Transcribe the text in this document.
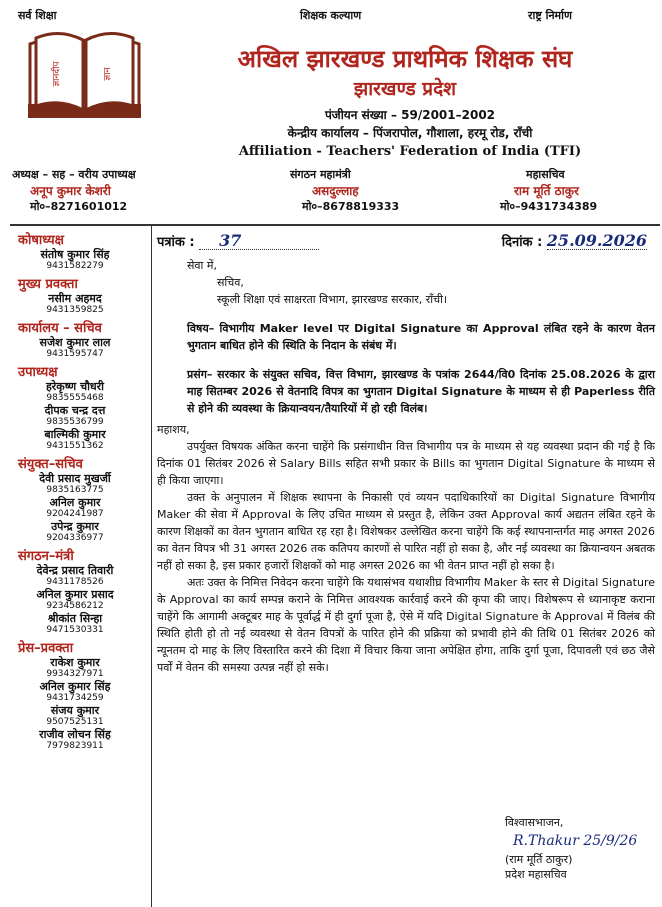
सर्व शिक्षा	शिक्षक कल्याण	राष्ट्र निर्माण
ज्ञानदीप	ज्ञान
अखिल झारखण्ड प्राथमिक शिक्षक संघ
झारखण्ड प्रदेश
पंजीयन संख्या – 59/2001–2002
केन्द्रीय कार्यालय – पिंजरापोल, गौशाला, हरमू रोड, राँची
Affiliation - Teachers' Federation of India (TFI)
अध्यक्ष – सह – वरीय उपाध्यक्ष
अनूप कुमार केशरी
मो०–8271601012
संगठन महामंत्री
असदुल्लाह
मो०–8678819333
महासचिव
राम मूर्ति ठाकुर
मो०–9431734389
कोषाध्यक्ष
संतोष कुमार सिंह
9431582279
मुख्य प्रवक्ता
नसीम अहमद
9431359825
कार्यालय – सचिव
सजेश कुमार लाल
9431595747
उपाध्यक्ष
हरेकृष्ण चौधरी
9835555468
दीपक चन्द्र दत्त
9835536799
बाल्मिकी कुमार
9431551362
संयुक्त–सचिव
देवी प्रसाद मुखर्जी
9835163775
अनिल कुमार
9204241987
उपेन्द्र कुमार
9204336977
संगठन–मंत्री
देवेन्द्र प्रसाद तिवारी
9431178526
अनिल कुमार प्रसाद
9234586212
श्रीकांत सिन्हा
9471530331
प्रेस–प्रवक्ता
राकेश कुमार
9934327971
अनिल कुमार सिंह
9431734259
संजय कुमार
9507525131
राजीव लोचन सिंह
7979823911
पत्रांक : 37	दिनांक : 25.09.2026
सेवा में,
सचिव,
स्कूली शिक्षा एवं साक्षरता विभाग, झारखण्ड सरकार, राँची।

विषय– विभागीय Maker level पर Digital Signature का Approval लंबित रहने के कारण वेतन भुगतान बाधित होने की स्थिति के निदान के संबंध में।

प्रसंग– सरकार के संयुक्त सचिव, वित्त विभाग, झारखण्ड के पत्रांक 2644/वि0 दिनांक 25.08.2026 के द्वारा माह सितम्बर 2026 से वेतनादि विपत्र का भुगतान Digital Signature के माध्यम से ही Paperless रीति से होने की व्यवस्था के क्रियान्वयन/तैयारियों में हो रही विलंब।

महाशय,

उपर्युक्त विषयक अंकित करना चाहेंगे कि प्रसंगाधीन वित्त विभागीय पत्र के माध्यम से यह व्यवस्था प्रदान की गई है कि दिनांक 01 सितंबर 2026 से Salary Bills सहित सभी प्रकार के Bills का भुगतान Digital Signature के माध्यम से ही किया जाएगा।

उक्त के अनुपालन में शिक्षक स्थापना के निकासी एवं व्ययन पदाधिकारियों का Digital Signature विभागीय Maker की सेवा में Approval के लिए उचित माध्यम से प्रस्तुत है, लेकिन उक्त Approval कार्य अद्यतन लंबित रहने के कारण शिक्षकों का वेतन भुगतान बाधित रह रहा है। विशेषकर उल्लेखित करना चाहेंगे कि कई स्थापनान्तर्गत माह अगस्त 2026 का वेतन विपत्र भी 31 अगस्त 2026 तक कतिपय कारणों से पारित नहीं हो सका है, और नई व्यवस्था का क्रियान्वयन अबतक नहीं हो सका है, इस प्रकार हजारों शिक्षकों को माह अगस्त 2026 का भी वेतन प्राप्त नहीं हो सका है।

अतः उक्त के निमित्त निवेदन करना चाहेंगे कि यथासंभव यथाशीघ्र विभागीय Maker के स्तर से Digital Signature के Approval का कार्य सम्पन्न कराने के निमित्त आवश्यक कार्रवाई करने की कृपा की जाए। विशेषरूप से ध्यानाकृष्ट कराना चाहेंगे कि आगामी अक्टूबर माह के पूर्वार्द्ध में ही दुर्गा पूजा है, ऐसे में यदि Digital Signature के Approval में विलंब की स्थिति होती हो तो नई व्यवस्था से वेतन विपत्रों के पारित होने की प्रक्रिया को प्रभावी होने की तिथि 01 सितंबर 2026 को न्यूनतम दो माह के लिए विस्तारित करने की दिशा में विचार किया जाना अपेक्षित होगा, ताकि दुर्गा पूजा, दिपावली एवं छठ जैसे पर्वों में वेतन की समस्या उत्पन्न नहीं हो सके।

विश्वासभाजन,
R.Thakur 25/9/26
(राम मूर्ति ठाकुर)
प्रदेश महासचिव
